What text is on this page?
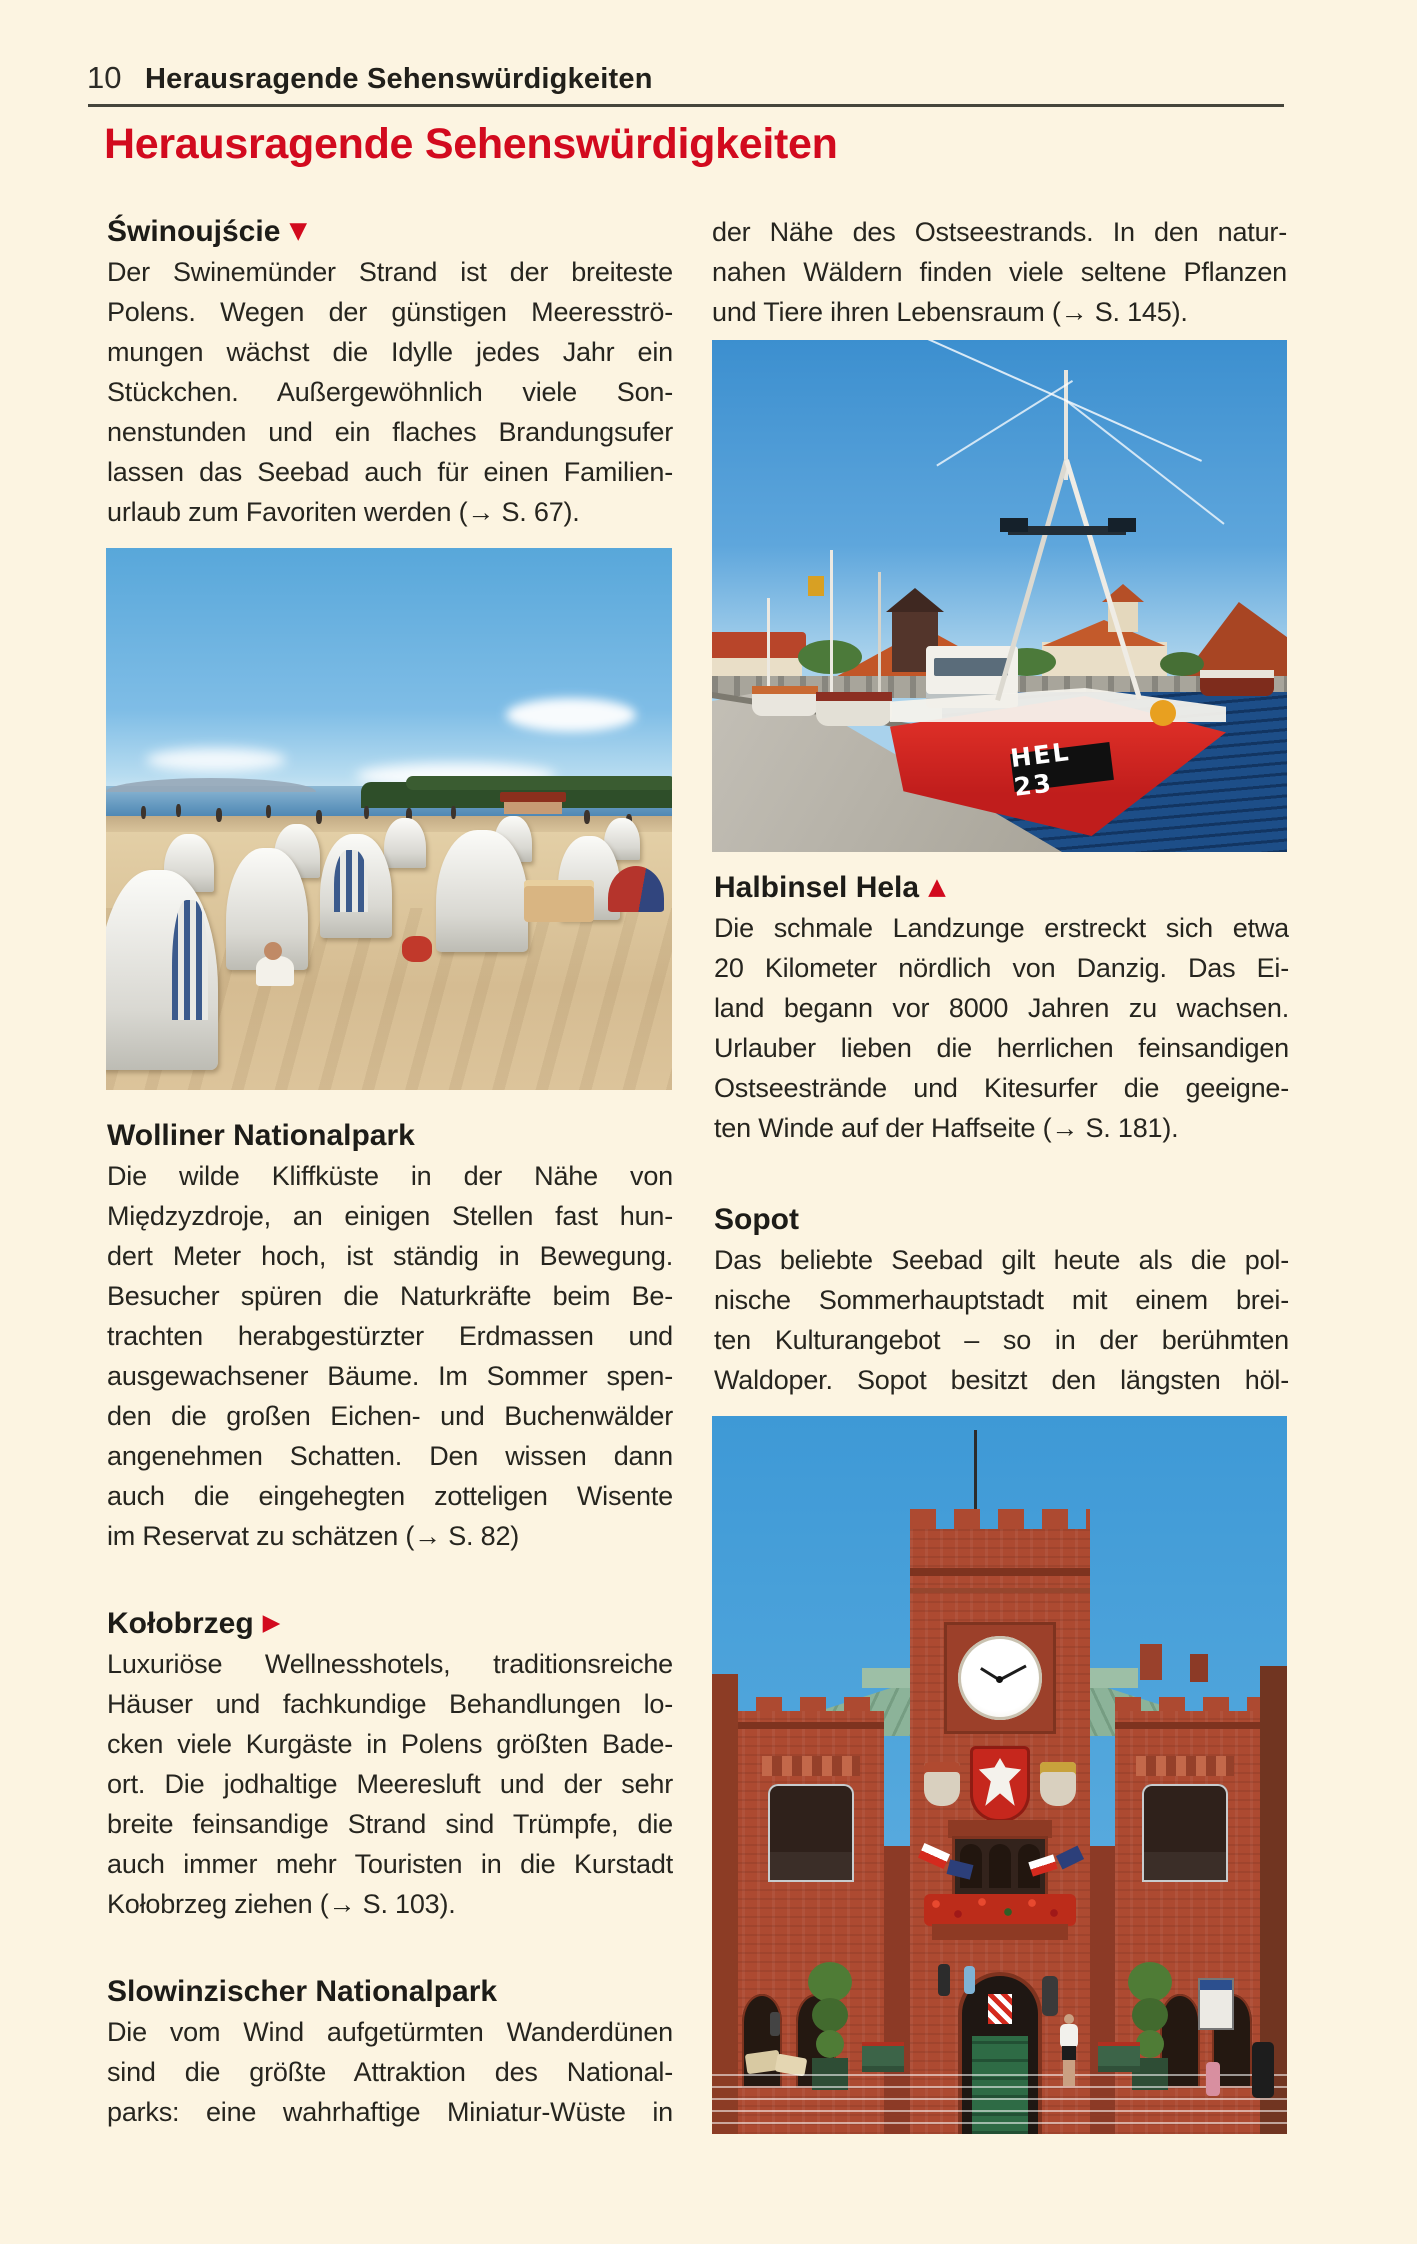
10 Herausragende Sehenswürdigkeiten
Herausragende Sehenswürdigkeiten
Świnoujście ▼
Der Swinemünder Strand ist der breiteste
Polens. Wegen der günstigen Meeresströ-
mungen wächst die Idylle jedes Jahr ein
Stückchen. Außergewöhnlich viele Son-
nenstunden und ein flaches Brandungsufer
lassen das Seebad auch für einen Familien-
urlaub zum Favoriten werden (→ S. 67).
Wolliner Nationalpark
Die wilde Kliffküste in der Nähe von
Międzyzdroje, an einigen Stellen fast hun-
dert Meter hoch, ist ständig in Bewegung.
Besucher spüren die Naturkräfte beim Be-
trachten herabgestürzter Erdmassen und
ausgewachsener Bäume. Im Sommer spen-
den die großen Eichen- und Buchenwälder
angenehmen Schatten. Den wissen dann
auch die eingehegten zotteligen Wisente
im Reservat zu schätzen (→ S. 82)
Kołobrzeg ▶
Luxuriöse Wellnesshotels, traditionsreiche
Häuser und fachkundige Behandlungen lo-
cken viele Kurgäste in Polens größten Bade-
ort. Die jodhaltige Meeresluft und der sehr
breite feinsandige Strand sind Trümpfe, die
auch immer mehr Touristen in die Kurstadt
Kołobrzeg ziehen (→ S. 103).
Slowinzischer Nationalpark
Die vom Wind aufgetürmten Wanderdünen
sind die größte Attraktion des National-
parks: eine wahrhaftige Miniatur-Wüste in
der Nähe des Ostseestrands. In den natur-
nahen Wäldern finden viele seltene Pflanzen
und Tiere ihren Lebensraum (→ S. 145).
HEL 23
Halbinsel Hela ▲
Die schmale Landzunge erstreckt sich etwa
20 Kilometer nördlich von Danzig. Das Ei-
land begann vor 8000 Jahren zu wachsen.
Urlauber lieben die herrlichen feinsandigen
Ostseestrände und Kitesurfer die geeigne-
ten Winde auf der Haffseite (→ S. 181).
Sopot
Das beliebte Seebad gilt heute als die pol-
nische Sommerhauptstadt mit einem brei-
ten Kulturangebot – so in der berühmten
Waldoper. Sopot besitzt den längsten höl-
